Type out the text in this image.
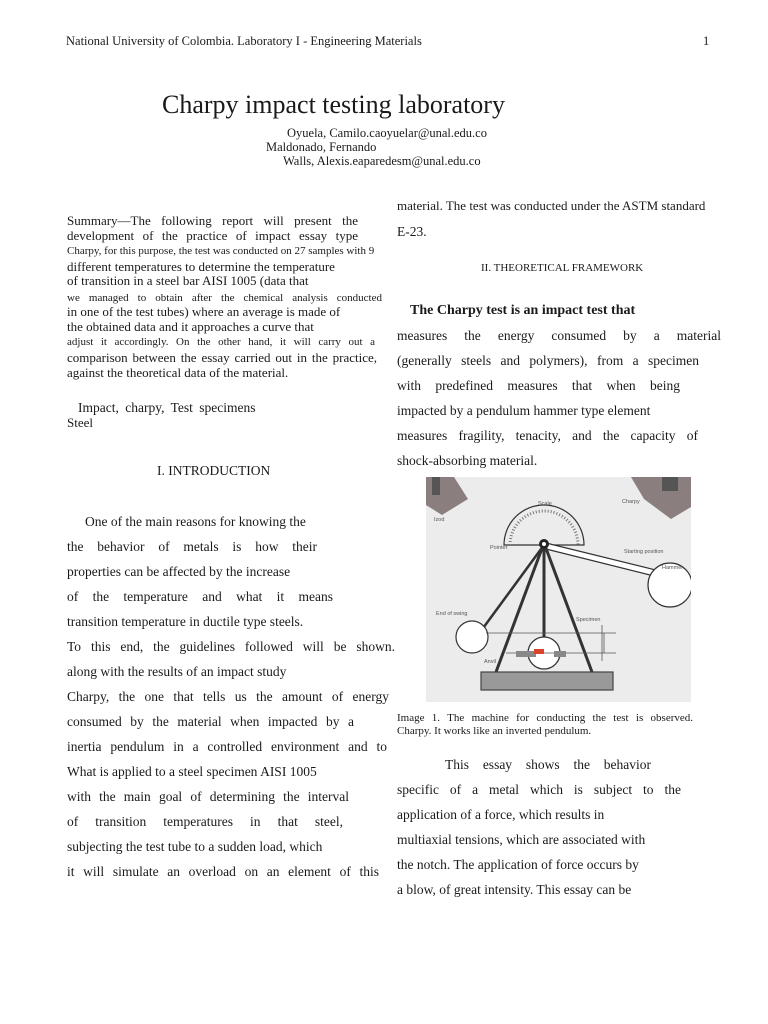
National University of Colombia. Laboratory I - Engineering Materials	1
Charpy impact testing laboratory
Oyuela, Camilo.caoyuelar@unal.edu.co
Maldonado, Fernando
Walls, Alexis.eaparedesm@unal.edu.co
Summary—The following report will present the
development of the practice of impact essay type
Charpy, for this purpose, the test was conducted on 27 samples with 9
different temperatures to determine the temperature
of transition in a steel bar AISI 1005 (data that
we managed to obtain after the chemical analysis conducted
in one of the test tubes) where an average is made of
the obtained data and it approaches a curve that
adjust it accordingly. On the other hand, it will carry out a
comparison between the essay carried out in the practice,
against the theoretical data of the material.
Impact, charpy, Test specimens
Steel
I. INTRODUCTION
One of the main reasons for knowing the
the behavior of metals is how their
properties can be affected by the increase
of the temperature and what it means
transition temperature in ductile type steels.
To this end, the guidelines followed will be shown.
along with the results of an impact study
Charpy, the one that tells us the amount of energy
consumed by the material when impacted by a
inertia pendulum in a controlled environment and to
What is applied to a steel specimen AISI 1005
with the main goal of determining the interval
of transition temperatures in that steel,
subjecting the test tube to a sudden load, which
it will simulate an overload on an element of this
material. The test was conducted under the ASTM standard
E-23.
II. THEORETICAL FRAMEWORK
The Charpy test is an impact test that
measures the energy consumed by a material
(generally steels and polymers), from a specimen
with predefined measures that when being
impacted by a pendulum hammer type element
measures fragility, tenacity, and the capacity of
shock-absorbing material.
Scale	Charpy
Izod
Pointer
Starting position
Hammer
End of swing
Specimen
Anvil
Image 1. The machine for conducting the test is observed.
Charpy. It works like an inverted pendulum.
This essay shows the behavior
specific of a metal which is subject to the
application of a force, which results in
multiaxial tensions, which are associated with
the notch. The application of force occurs by
a blow, of great intensity. This essay can be
